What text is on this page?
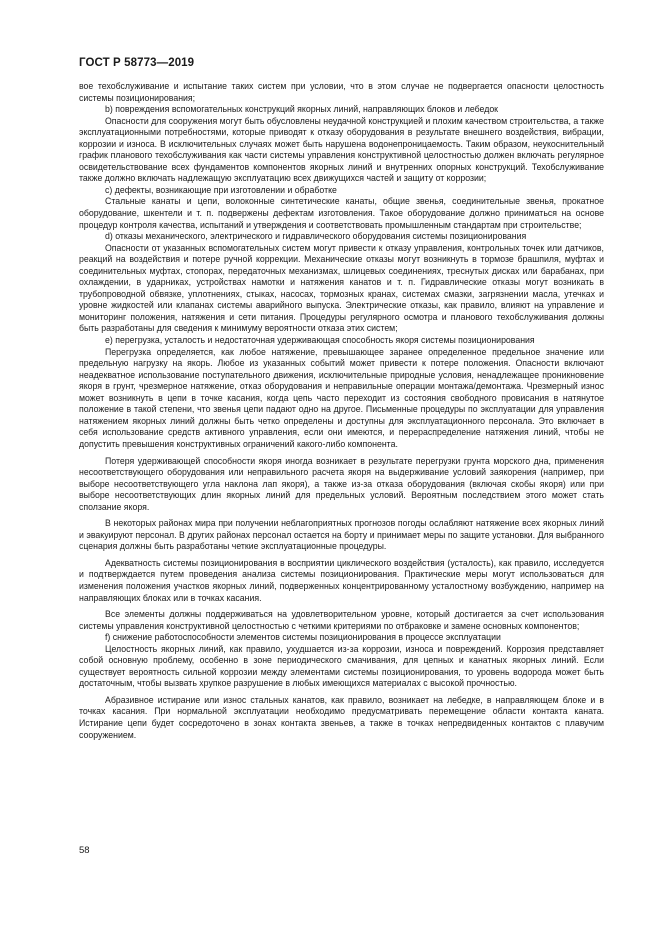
ГОСТ Р 58773—2019

вое техобслуживание и испытание таких систем при условии, что в этом случае не подвергается опасности целостность системы позиционирования;

b) повреждения вспомогательных конструкций якорных линий, направляющих блоков и лебедок

Опасности для сооружения могут быть обусловлены неудачной конструкцией и плохим качеством строительства, а также эксплуатационными потребностями, которые приводят к отказу оборудования в результате внешнего воздействия, вибрации, коррозии и износа. В исключительных случаях может быть нарушена водонепроницаемость. Таким образом, неукоснительный график планового техобслуживания как части системы управления конструктивной целостностью должен включать регулярное освидетельствование всех фундаментов компонентов якорных линий и внутренних опорных конструкций. Техобслуживание также должно включать надлежащую эксплуатацию всех движущихся частей и защиту от коррозии;

c) дефекты, возникающие при изготовлении и обработке

Стальные канаты и цепи, волоконные синтетические канаты, общие звенья, соединительные звенья, прокатное оборудование, шкентели и т. п. подвержены дефектам изготовления. Такое оборудование должно приниматься на основе процедур контроля качества, испытаний и утверждения и соответствовать промышленным стандартам при строительстве;

d) отказы механического, электрического и гидравлического оборудования системы позиционирования

Опасности от указанных вспомогательных систем могут привести к отказу управления, контрольных точек или датчиков, реакций на воздействия и потере ручной коррекции. Механические отказы могут возникнуть в тормозе брашпиля, муфтах и соединительных муфтах, стопорах, передаточных механизмах, шлицевых соединениях, треснутых дисках или барабанах, при охлаждении, в ударниках, устройствах намотки и натяжения канатов и т. п. Гидравлические отказы могут возникать в трубопроводной обвязке, уплотнениях, стыках, насосах, тормозных кранах, системах смазки, загрязнении масла, утечках и уровне жидкостей или клапанах системы аварийного выпуска. Электрические отказы, как правило, влияют на управление и мониторинг положения, натяжения и сети питания. Процедуры регулярного осмотра и планового техобслуживания должны быть разработаны для сведения к минимуму вероятности отказа этих систем;

e) перегрузка, усталость и недостаточная удерживающая способность якоря системы позиционирования

Перегрузка определяется, как любое натяжение, превышающее заранее определенное предельное значение или предельную нагрузку на якорь. Любое из указанных событий может привести к потере положения. Опасности включают неадекватное использование поступательного движения, исключительные природные условия, ненадлежащее проникновение якоря в грунт, чрезмерное натяжение, отказ оборудования и неправильные операции монтажа/демонтажа. Чрезмерный износ может возникнуть в цепи в точке касания, когда цепь часто переходит из состояния свободного провисания в натянутое положение в такой степени, что звенья цепи падают одно на другое. Письменные процедуры по эксплуатации для управления натяжением якорных линий должны быть четко определены и доступны для эксплуатационного персонала. Это включает в себя использование средств активного управления, если они имеются, и перераспределение натяжения линий, чтобы не допустить превышения конструктивных ограничений какого-либо компонента.

Потеря удерживающей способности якоря иногда возникает в результате перегрузки грунта морского дна, применения несоответствующего оборудования или неправильного расчета якоря на выдерживание условий заякорения (например, при выборе несоответствующего угла наклона лап якоря), а также из-за отказа оборудования (включая скобы якоря) или при выборе несоответствующих длин якорных линий для предельных условий. Вероятным последствием этого может стать сползание якоря.

В некоторых районах мира при получении неблагоприятных прогнозов погоды ослабляют натяжение всех якорных линий и эвакуируют персонал. В других районах персонал остается на борту и принимает меры по защите установки. Для выбранного сценария должны быть разработаны четкие эксплуатационные процедуры.

Адекватность системы позиционирования в восприятии циклического воздействия (усталость), как правило, исследуется и подтверждается путем проведения анализа системы позиционирования. Практические меры могут использоваться для изменения положения участков якорных линий, подверженных концентрированному усталостному возбуждению, например на направляющих блоках или в точках касания.

Все элементы должны поддерживаться на удовлетворительном уровне, который достигается за счет использования системы управления конструктивной целостностью с четкими критериями по отбраковке и замене основных компонентов;

f) снижение работоспособности элементов системы позиционирования в процессе эксплуатации

Целостность якорных линий, как правило, ухудшается из-за коррозии, износа и повреждений. Коррозия представляет собой основную проблему, особенно в зоне периодического смачивания, для цепных и канатных якорных линий. Если существует вероятность сильной коррозии между элементами системы позиционирования, то уровень водорода может быть достаточным, чтобы вызвать хрупкое разрушение в любых имеющихся материалах с высокой прочностью.

Абразивное истирание или износ стальных канатов, как правило, возникает на лебедке, в направляющем блоке и в точках касания. При нормальной эксплуатации необходимо предусматривать перемещение области контакта каната. Истирание цепи будет сосредоточено в зонах контакта звеньев, а также в точках непредвиденных контактов с плавучим сооружением.

58
